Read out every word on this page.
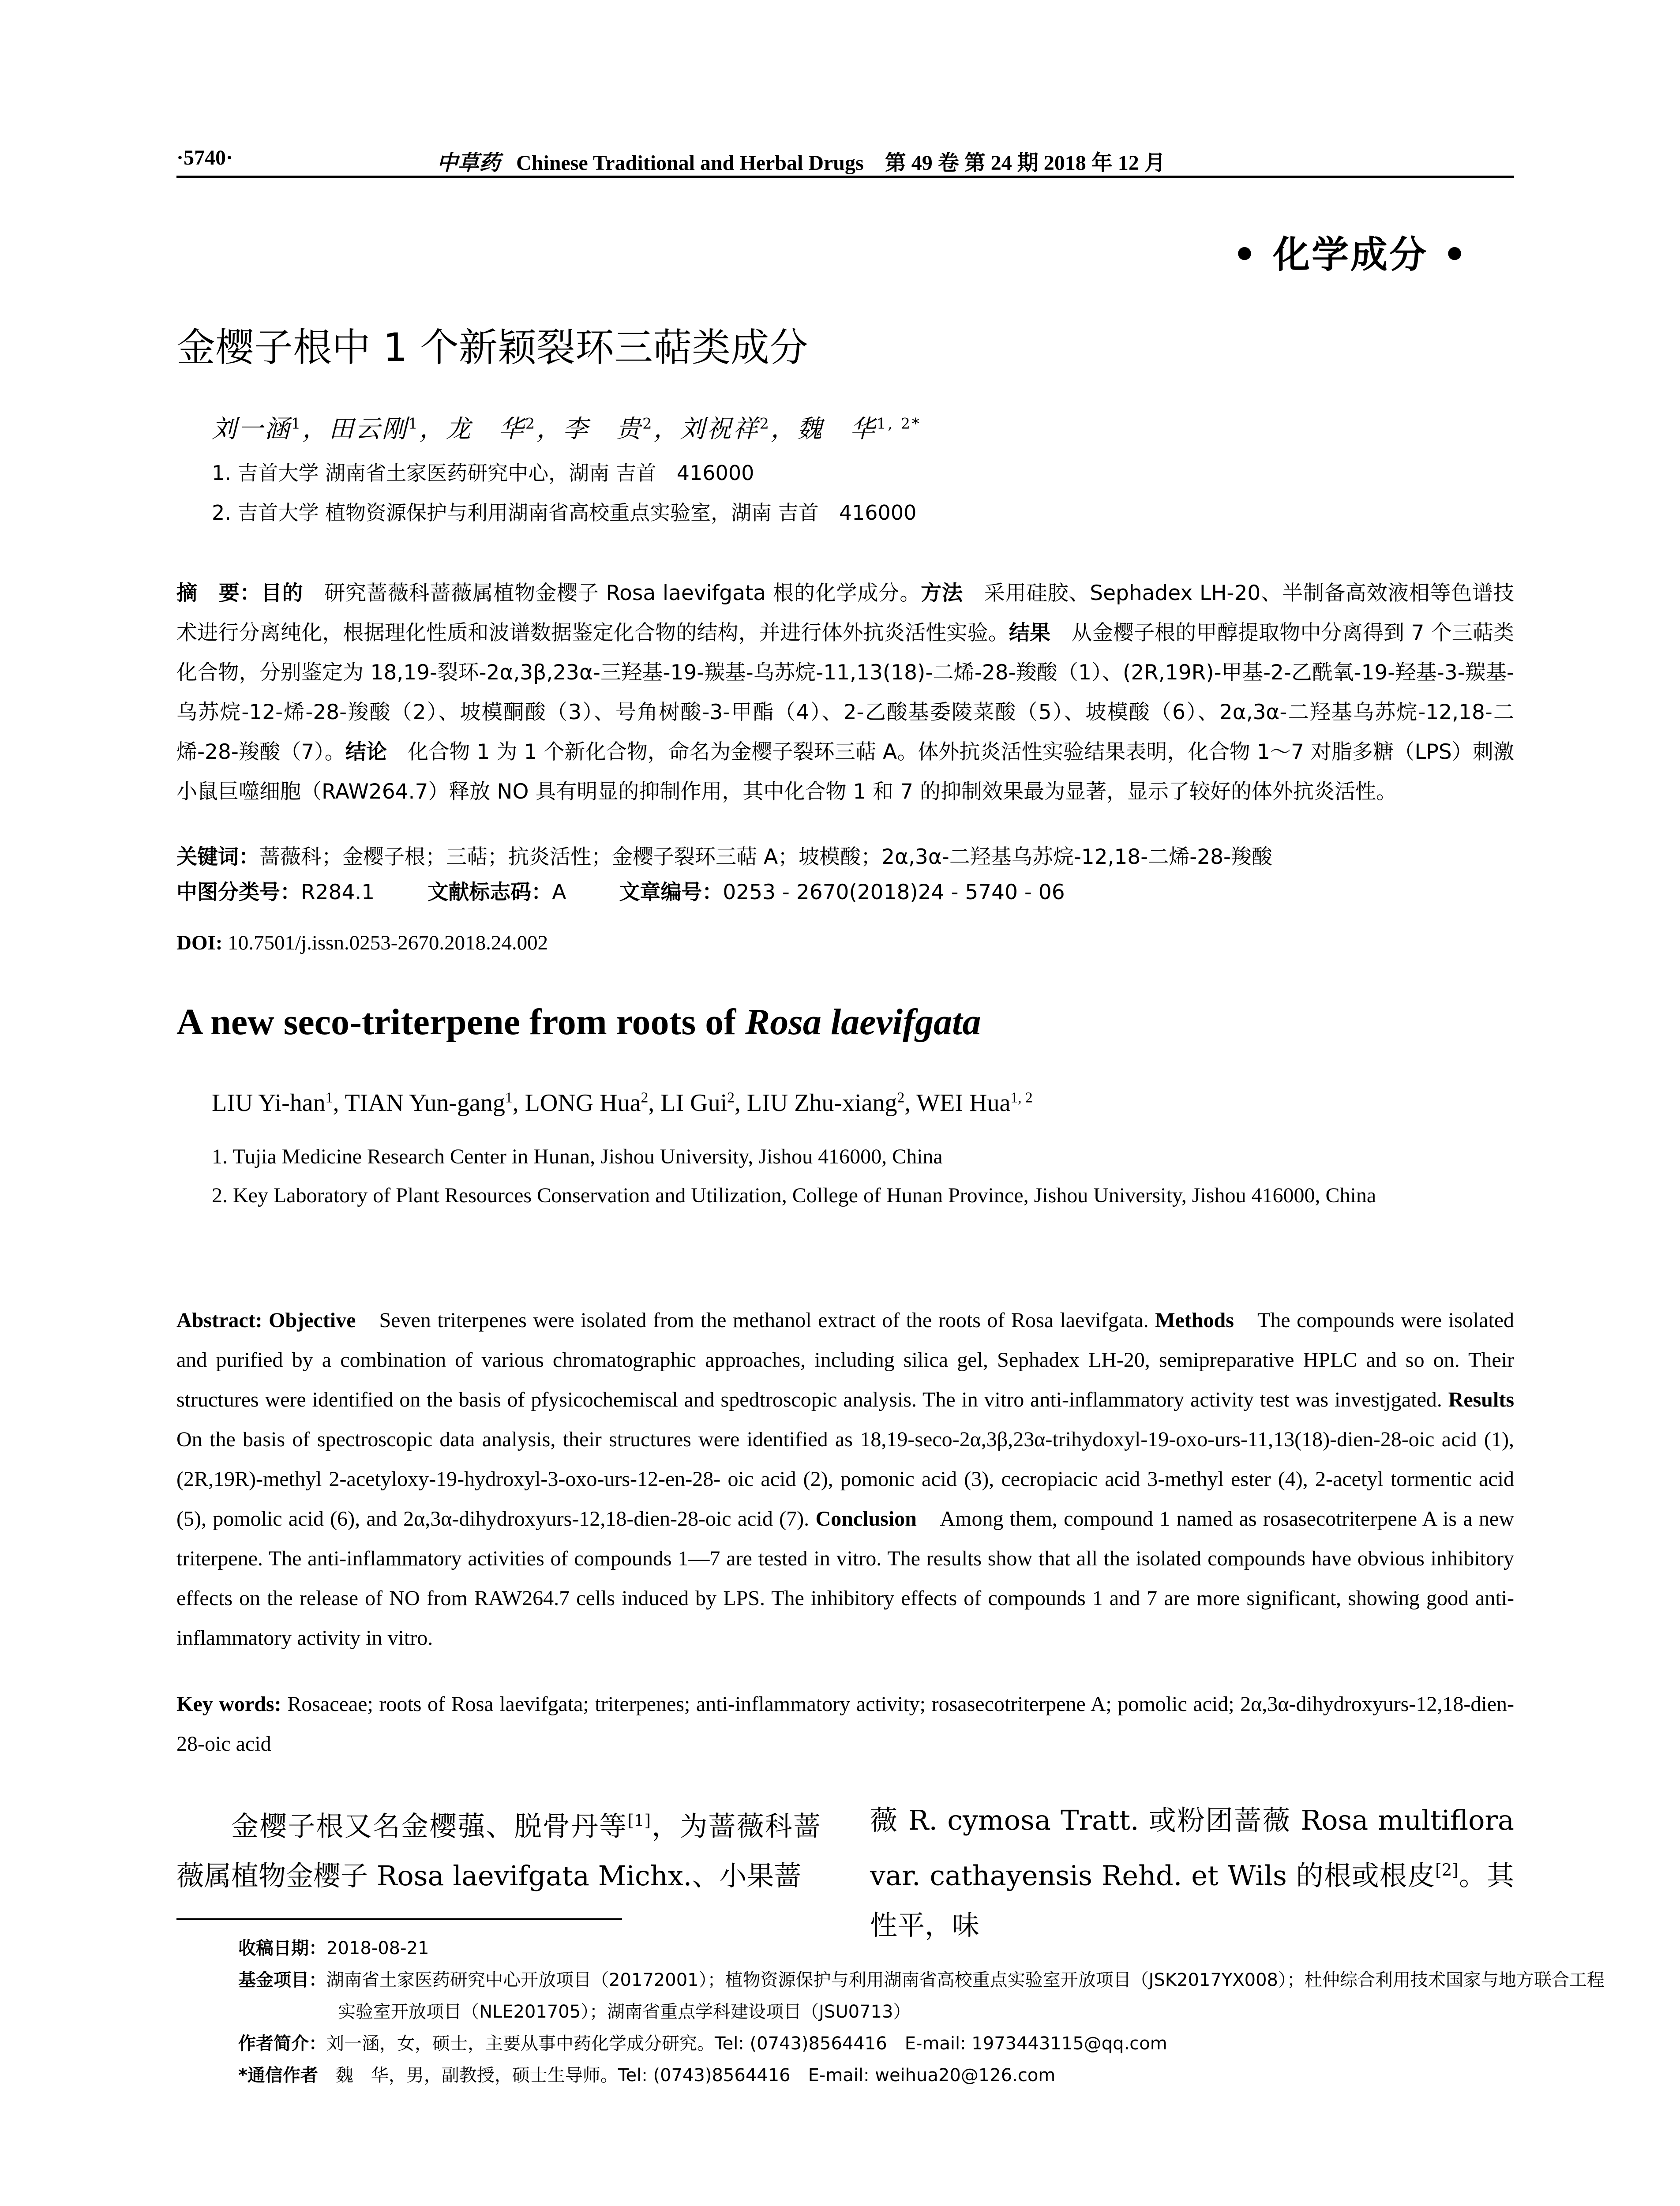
·5740·	中草药 Chinese Traditional and Herbal Drugs　 第 49 卷 第 24 期 2018 年 12 月
• 化学成分 •
金樱子根中 1 个新颖裂环三萜类成分
刘一涵$^1$，田云刚$^1$，龙　华$^2$，李　贵$^2$，刘祝祥$^2$，魏　华$^{1, 2*}$
1. 吉首大学 湖南省土家医药研究中心，湖南 吉首　416000
2. 吉首大学 植物资源保护与利用湖南省高校重点实验室，湖南 吉首　416000
摘　要：目的　 研究蔷薇科蔷薇属植物金樱子 Rosa laevifgata 根的化学成分。方法　 采用硅胶、Sephadex LH-20、半制备高效液相等色谱技术进行分离纯化，根据理化性质和波谱数据鉴定化合物的结构，并进行体外抗炎活性实验。结果　 从金樱子根的甲醇提取物中分离得到 7 个三萜类化合物，分别鉴定为 18,19-裂环-2α,3β,23α-三羟基-19-羰基-乌苏烷-11,13(18)-二烯-28-羧酸（1）、(2R,19R)-甲基-2-乙酰氧-19-羟基-3-羰基-乌苏烷-12-烯-28-羧酸（2）、坡模酮酸（3）、号角树酸-3-甲酯（4）、2-乙酸基委陵菜酸（5）、坡模酸（6）、2α,3α-二羟基乌苏烷-12,18-二烯-28-羧酸（7）。结论　 化合物 1 为 1 个新化合物，命名为金樱子裂环三萜 A。体外抗炎活性实验结果表明，化合物 1～7 对脂多糖（LPS）刺激小鼠巨噬细胞（RAW264.7）释放 NO 具有明显的抑制作用，其中化合物 1 和 7 的抑制效果最为显著，显示了较好的体外抗炎活性。
关键词：蔷薇科；金樱子根；三萜；抗炎活性；金樱子裂环三萜 A；坡模酸；2α,3α-二羟基乌苏烷-12,18-二烯-28-羧酸
中图分类号：R284.1	文献标志码：A	文章编号：0253 - 2670(2018)24 - 5740 - 06
DOI: 10.7501/j.issn.0253-2670.2018.24.002
A new seco-triterpene from roots of Rosa laevifgata
LIU Yi-han$^1$, TIAN Yun-gang$^1$, LONG Hua$^2$, LI Gui$^2$, LIU Zhu-xiang$^2$, WEI Hua$^{1, 2}$
1. Tujia Medicine Research Center in Hunan, Jishou University, Jishou 416000, China
2. Key Laboratory of Plant Resources Conservation and Utilization, College of Hunan Province, Jishou University, Jishou 416000, China
Abstract: Objective　 Seven triterpenes were isolated from the methanol extract of the roots of Rosa laevifgata. Methods　 The compounds were isolated and purified by a combination of various chromatographic approaches, including silica gel, Sephadex LH-20, semipreparative HPLC and so on. Their structures were identified on the basis of pfysicochemiscal and spedtroscopic analysis. The in vitro anti-inflammatory activity test was investjgated. Results　On the basis of spectroscopic data analysis, their structures were identified as 18,19-seco-2α,3β,23α-trihydoxyl-19-oxo-urs-11,13(18)-dien-28-oic acid (1), (2R,19R)-methyl 2-acetyloxy-19-hydroxyl-3-oxo-urs-12-en-28- oic acid (2), pomonic acid (3), cecropiacic acid 3-methyl ester (4), 2-acetyl tormentic acid (5), pomolic acid (6), and 2α,3α-dihydroxyurs-12,18-dien-28-oic acid (7). Conclusion　 Among them, compound 1 named as rosasecotriterpene A is a new triterpene. The anti-inflammatory activities of compounds 1—7 are tested in vitro. The results show that all the isolated compounds have obvious inhibitory effects on the release of NO from RAW264.7 cells induced by LPS. The inhibitory effects of compounds 1 and 7 are more significant, showing good anti-inflammatory activity in vitro.
Key words: Rosaceae; roots of Rosa laevifgata; triterpenes; anti-inflammatory activity; rosasecotriterpene A; pomolic acid; 2α,3α-dihydroxyurs-12,18-dien-28-oic acid
金樱子根又名金樱蔃、脱骨丹等[1]，为蔷薇科蔷薇属植物金樱子 Rosa laevifgata Michx.、小果蔷
薇 R. cymosa Tratt. 或粉团蔷薇 Rosa multiflora var. cathayensis Rehd. et Wils 的根或根皮[2]。其性平，味
收稿日期：2018-08-21
基金项目：湖南省土家医药研究中心开放项目（20172001）；植物资源保护与利用湖南省高校重点实验室开放项目（JSK2017YX008）；杜仲综合利用技术国家与地方联合工程实验室开放项目（NLE201705）；湖南省重点学科建设项目（JSU0713）
作者简介：刘一涵，女，硕士，主要从事中药化学成分研究。Tel: (0743)8564416　E-mail: 1973443115@qq.com
*通信作者　 魏　华，男，副教授，硕士生导师。Tel: (0743)8564416　E-mail: weihua20@126.com
